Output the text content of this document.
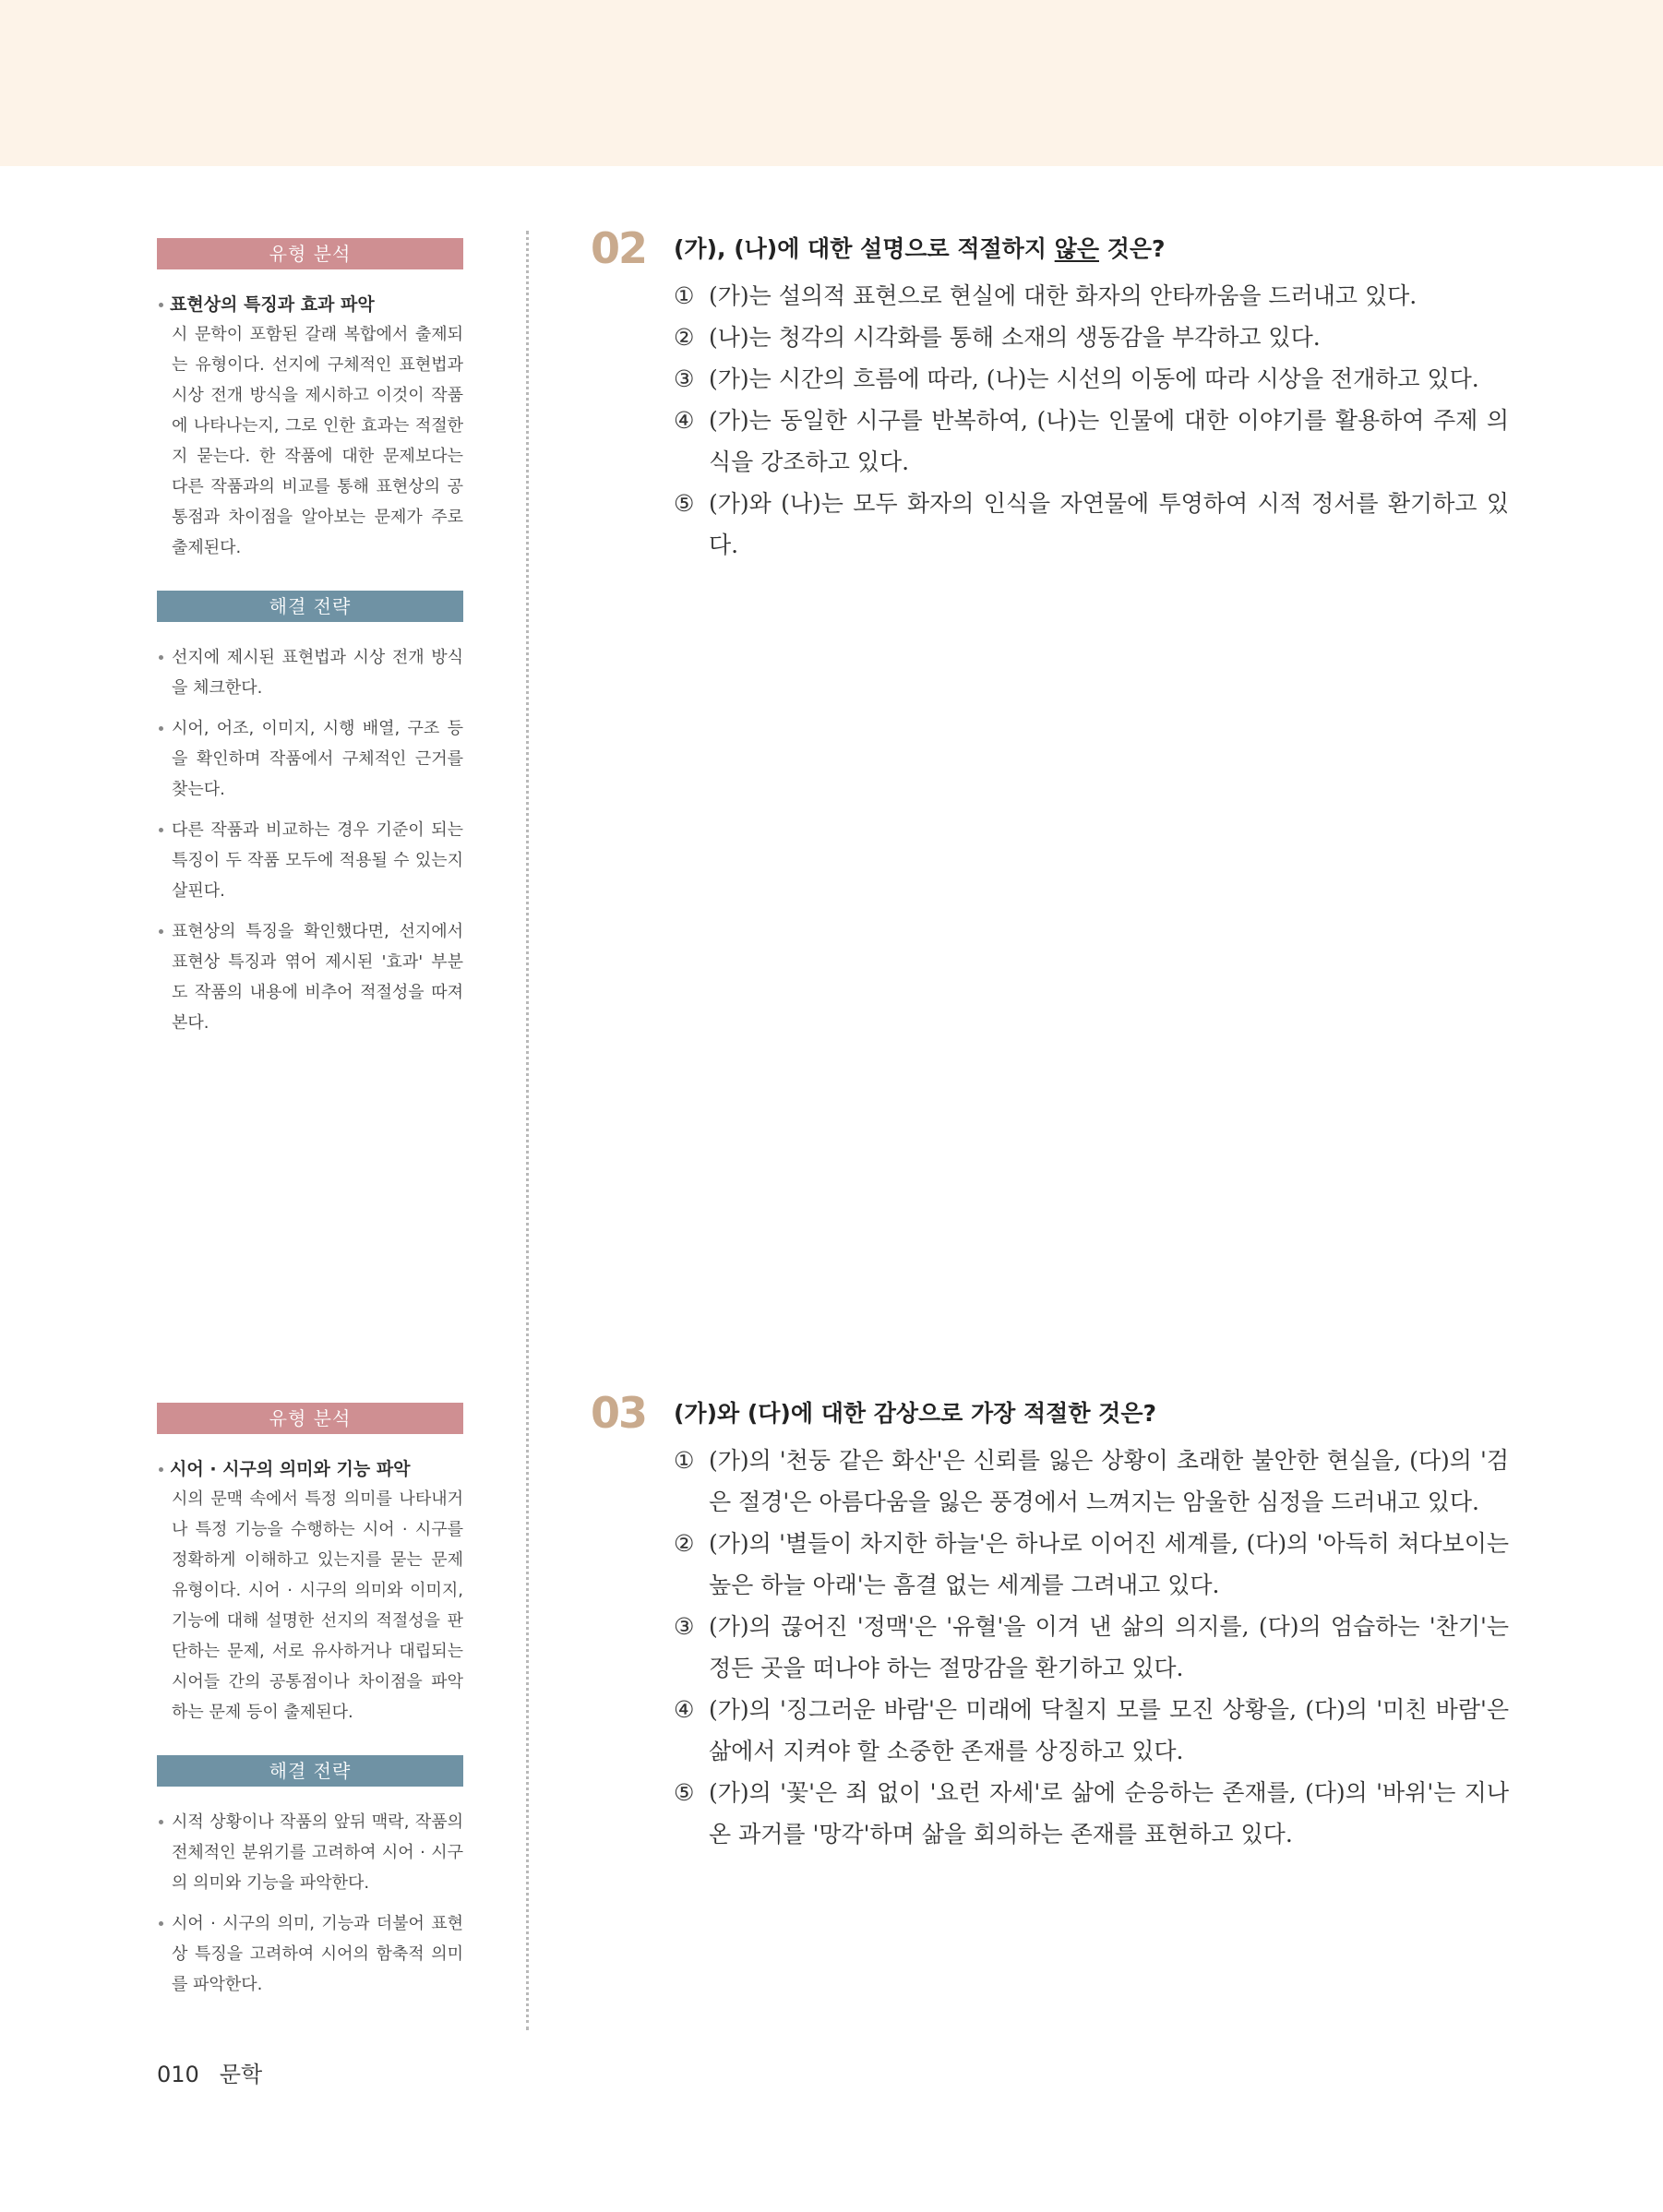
유형 분석
표현상의 특징과 효과 파악
시 문학이 포함된 갈래 복합에서 출제되는 유형이다. 선지에 구체적인 표현법과 시상 전개 방식을 제시하고 이것이 작품에 나타나는지, 그로 인한 효과는 적절한지 묻는다. 한 작품에 대한 문제보다는 다른 작품과의 비교를 통해 표현상의 공통점과 차이점을 알아보는 문제가 주로 출제된다.
해결 전략
선지에 제시된 표현법과 시상 전개 방식을 체크한다.
시어, 어조, 이미지, 시행 배열, 구조 등을 확인하며 작품에서 구체적인 근거를 찾는다.
다른 작품과 비교하는 경우 기준이 되는 특징이 두 작품 모두에 적용될 수 있는지 살핀다.
표현상의 특징을 확인했다면, 선지에서 표현상 특징과 엮어 제시된 '효과' 부분도 작품의 내용에 비추어 적절성을 따져본다.
유형 분석
시어 · 시구의 의미와 기능 파악
시의 문맥 속에서 특정 의미를 나타내거나 특정 기능을 수행하는 시어 · 시구를 정확하게 이해하고 있는지를 묻는 문제 유형이다. 시어 · 시구의 의미와 이미지, 기능에 대해 설명한 선지의 적절성을 판단하는 문제, 서로 유사하거나 대립되는 시어들 간의 공통점이나 차이점을 파악하는 문제 등이 출제된다.
해결 전략
시적 상황이나 작품의 앞뒤 맥락, 작품의 전체적인 분위기를 고려하여 시어 · 시구의 의미와 기능을 파악한다.
시어 · 시구의 의미, 기능과 더불어 표현상 특징을 고려하여 시어의 함축적 의미를 파악한다.
02 (가), (나)에 대한 설명으로 적절하지 않은 것은?
① (가)는 설의적 표현으로 현실에 대한 화자의 안타까움을 드러내고 있다.
② (나)는 청각의 시각화를 통해 소재의 생동감을 부각하고 있다.
③ (가)는 시간의 흐름에 따라, (나)는 시선의 이동에 따라 시상을 전개하고 있다.
④ (가)는 동일한 시구를 반복하여, (나)는 인물에 대한 이야기를 활용하여 주제 의식을 강조하고 있다.
⑤ (가)와 (나)는 모두 화자의 인식을 자연물에 투영하여 시적 정서를 환기하고 있다.
03 (가)와 (다)에 대한 감상으로 가장 적절한 것은?
① (가)의 '천둥 같은 화산'은 신뢰를 잃은 상황이 초래한 불안한 현실을, (다)의 '검은 절경'은 아름다움을 잃은 풍경에서 느껴지는 암울한 심정을 드러내고 있다.
② (가)의 '별들이 차지한 하늘'은 하나로 이어진 세계를, (다)의 '아득히 쳐다보이는 높은 하늘 아래'는 흠결 없는 세계를 그려내고 있다.
③ (가)의 끊어진 '정맥'은 '유혈'을 이겨 낸 삶의 의지를, (다)의 엄습하는 '찬기'는 정든 곳을 떠나야 하는 절망감을 환기하고 있다.
④ (가)의 '징그러운 바람'은 미래에 닥칠지 모를 모진 상황을, (다)의 '미친 바람'은 삶에서 지켜야 할 소중한 존재를 상징하고 있다.
⑤ (가)의 '꽃'은 죄 없이 '요런 자세'로 삶에 순응하는 존재를, (다)의 '바위'는 지나온 과거를 '망각'하며 삶을 회의하는 존재를 표현하고 있다.
010 문학
